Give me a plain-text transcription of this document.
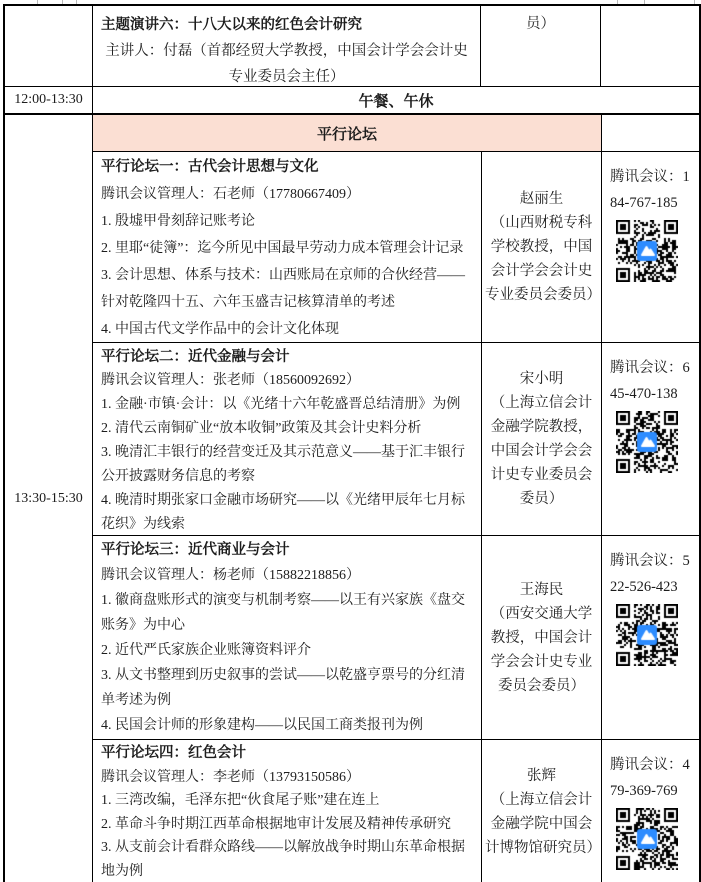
主题演讲六：十八大以来的红色会计研究
主讲人：付磊（首都经贸大学教授，中国会计学会会计史专业委员会主任）
员）
12:00-13:30	午餐、午休
13:30-15:30
平行论坛
平行论坛一：古代会计思想与文化
腾讯会议管理人：石老师（17780667409）
1. 殷墟甲骨刻辞记账考论
2. 里耶“徒簿”：迄今所见中国最早劳动力成本管理会计记录
3. 会计思想、体系与技术：山西账局在京师的合伙经营——针对乾隆四十五、六年玉盛吉记核算清单的考述
4. 中国古代文学作品中的会计文化体现
赵丽生
（山西财税专科学校教授，中国会计学会会计史专业委员会委员）
腾讯会议：184-767-185
平行论坛二：近代金融与会计
腾讯会议管理人：张老师（18560092692）
1. 金融·市镇·会计：以《光绪十六年乾盛晋总结清册》为例
2. 清代云南铜矿业“放本收铜”政策及其会计史料分析
3. 晚清汇丰银行的经营变迁及其示范意义——基于汇丰银行公开披露财务信息的考察
4. 晚清时期张家口金融市场研究——以《光绪甲辰年七月标花织》为线索
宋小明
（上海立信会计金融学院教授，中国会计学会会计史专业委员会委员）
腾讯会议：645-470-138
平行论坛三：近代商业与会计
腾讯会议管理人：杨老师（15882218856）
1. 徽商盘账形式的演变与机制考察——以王有兴家族《盘交账务》为中心
2. 近代严氏家族企业账簿资料评介
3. 从文书整理到历史叙事的尝试——以乾盛亨票号的分红清单考述为例
4. 民国会计师的形象建构——以民国工商类报刊为例
王海民
（西安交通大学教授，中国会计学会会计史专业委员会委员）
腾讯会议：522-526-423
平行论坛四：红色会计
腾讯会议管理人：李老师（13793150586）
1. 三湾改编，毛泽东把“伙食尾子账”建在连上
2. 革命斗争时期江西革命根据地审计发展及精神传承研究
3. 从支前会计看群众路线——以解放战争时期山东革命根据地为例
张辉
（上海立信会计金融学院中国会计博物馆研究员）
腾讯会议：479-369-769
